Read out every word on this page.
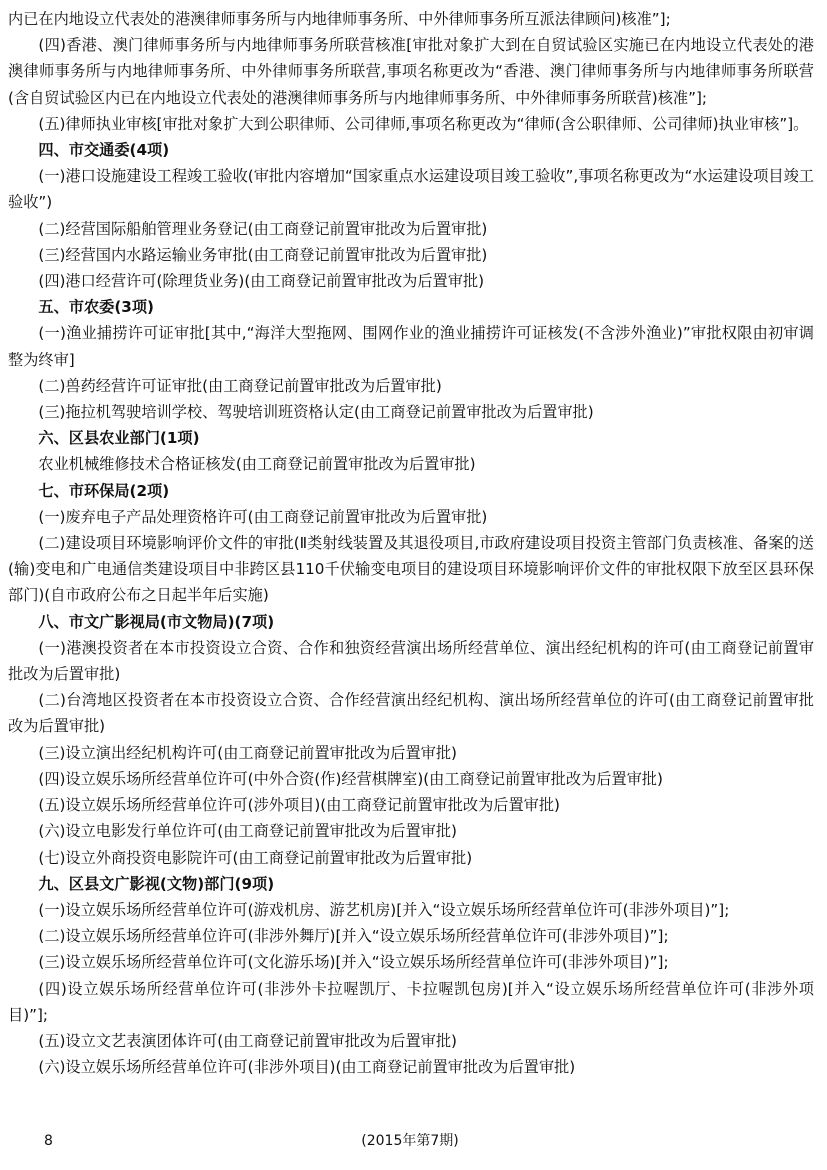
内已在内地设立代表处的港澳律师事务所与内地律师事务所、中外律师事务所互派法律顾问)核准”];

(四)香港、澳门律师事务所与内地律师事务所联营核准[审批对象扩大到在自贸试验区实施已在内地设立代表处的港澳律师事务所与内地律师事务所、中外律师事务所联营,事项名称更改为“香港、澳门律师事务所与内地律师事务所联营(含自贸试验区内已在内地设立代表处的港澳律师事务所与内地律师事务所、中外律师事务所联营)核准”];

(五)律师执业审核[审批对象扩大到公职律师、公司律师,事项名称更改为“律师(含公职律师、公司律师)执业审核”]。

四、市交通委(4项)

(一)港口设施建设工程竣工验收(审批内容增加“国家重点水运建设项目竣工验收”,事项名称更改为“水运建设项目竣工验收”)

(二)经营国际船舶管理业务登记(由工商登记前置审批改为后置审批)

(三)经营国内水路运输业务审批(由工商登记前置审批改为后置审批)

(四)港口经营许可(除理货业务)(由工商登记前置审批改为后置审批)

五、市农委(3项)

(一)渔业捕捞许可证审批[其中,“海洋大型拖网、围网作业的渔业捕捞许可证核发(不含涉外渔业)”审批权限由初审调整为终审]

(二)兽药经营许可证审批(由工商登记前置审批改为后置审批)

(三)拖拉机驾驶培训学校、驾驶培训班资格认定(由工商登记前置审批改为后置审批)

六、区县农业部门(1项)

农业机械维修技术合格证核发(由工商登记前置审批改为后置审批)

七、市环保局(2项)

(一)废弃电子产品处理资格许可(由工商登记前置审批改为后置审批)

(二)建设项目环境影响评价文件的审批(Ⅱ类射线装置及其退役项目,市政府建设项目投资主管部门负责核准、备案的送(输)变电和广电通信类建设项目中非跨区县110千伏输变电项目的建设项目环境影响评价文件的审批权限下放至区县环保部门)(自市政府公布之日起半年后实施)

八、市文广影视局(市文物局)(7项)

(一)港澳投资者在本市投资设立合资、合作和独资经营演出场所经营单位、演出经纪机构的许可(由工商登记前置审批改为后置审批)

(二)台湾地区投资者在本市投资设立合资、合作经营演出经纪机构、演出场所经营单位的许可(由工商登记前置审批改为后置审批)

(三)设立演出经纪机构许可(由工商登记前置审批改为后置审批)

(四)设立娱乐场所经营单位许可(中外合资(作)经营棋牌室)(由工商登记前置审批改为后置审批)

(五)设立娱乐场所经营单位许可(涉外项目)(由工商登记前置审批改为后置审批)

(六)设立电影发行单位许可(由工商登记前置审批改为后置审批)

(七)设立外商投资电影院许可(由工商登记前置审批改为后置审批)

九、区县文广影视(文物)部门(9项)

(一)设立娱乐场所经营单位许可(游戏机房、游艺机房)[并入“设立娱乐场所经营单位许可(非涉外项目)”];

(二)设立娱乐场所经营单位许可(非涉外舞厅)[并入“设立娱乐场所经营单位许可(非涉外项目)”];

(三)设立娱乐场所经营单位许可(文化游乐场)[并入“设立娱乐场所经营单位许可(非涉外项目)”];

(四)设立娱乐场所经营单位许可(非涉外卡拉喔凯厅、卡拉喔凯包房)[并入“设立娱乐场所经营单位许可(非涉外项目)”];

(五)设立文艺表演团体许可(由工商登记前置审批改为后置审批)

(六)设立娱乐场所经营单位许可(非涉外项目)(由工商登记前置审批改为后置审批)

8	(2015年第7期)
